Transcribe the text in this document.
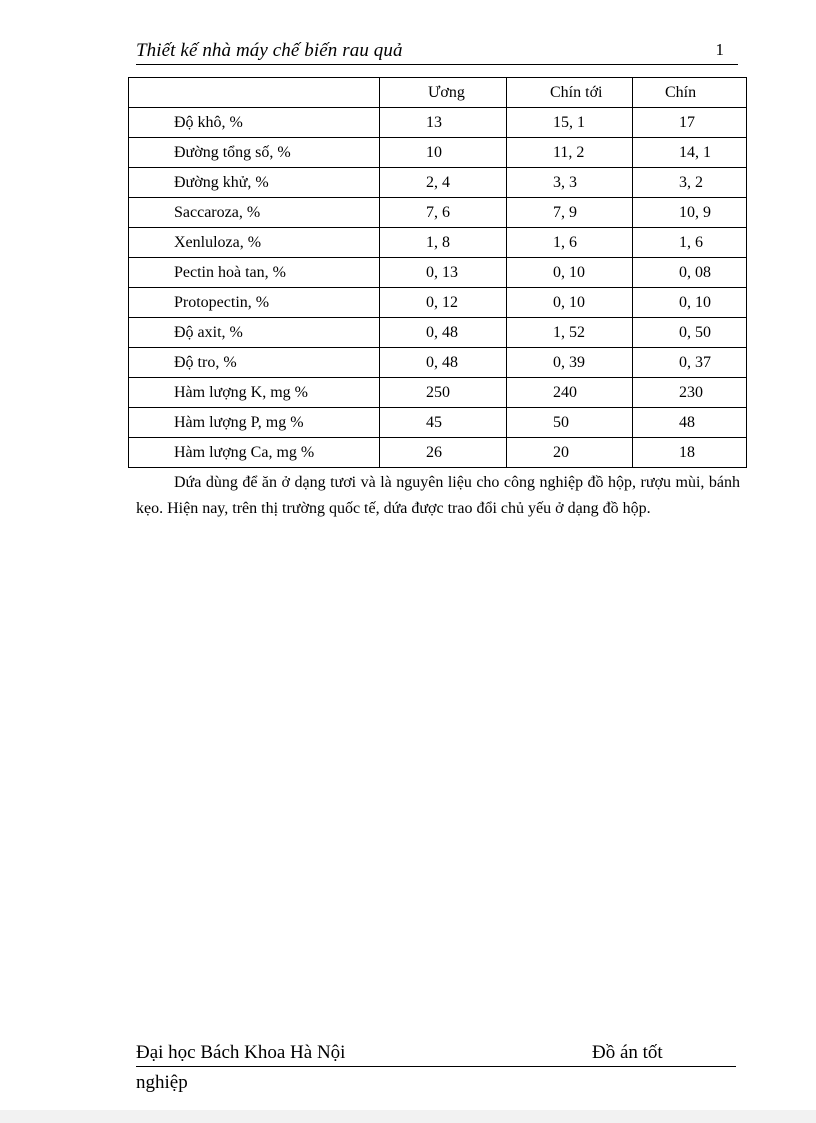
Thiết kế nhà máy chế biến rau quả	1
	Ương	Chín tới	Chín
Độ khô, %	13	15, 1	17
Đường tổng số, %	10	11, 2	14, 1
Đường khử, %	2, 4	3, 3	3, 2
Saccaroza, %	7, 6	7, 9	10, 9
Xenluloza, %	1, 8	1, 6	1, 6
Pectin hoà tan, %	0, 13	0, 10	0, 08
Protopectin, %	0, 12	0, 10	0, 10
Độ axit, %	0, 48	1, 52	0, 50
Độ tro, %	0, 48	0, 39	0, 37
Hàm lượng K, mg %	250	240	230
Hàm lượng P, mg %	45	50	48
Hàm lượng Ca, mg %	26	20	18

Dứa dùng để ăn ở dạng tươi và là nguyên liệu cho công nghiệp đồ hộp, rượu mùi, bánh kẹo. Hiện nay, trên thị trường quốc tế, dứa được trao đổi chủ yếu ở dạng đồ hộp.

Đại học Bách Khoa Hà Nội	Đồ án tốt
nghiệp
